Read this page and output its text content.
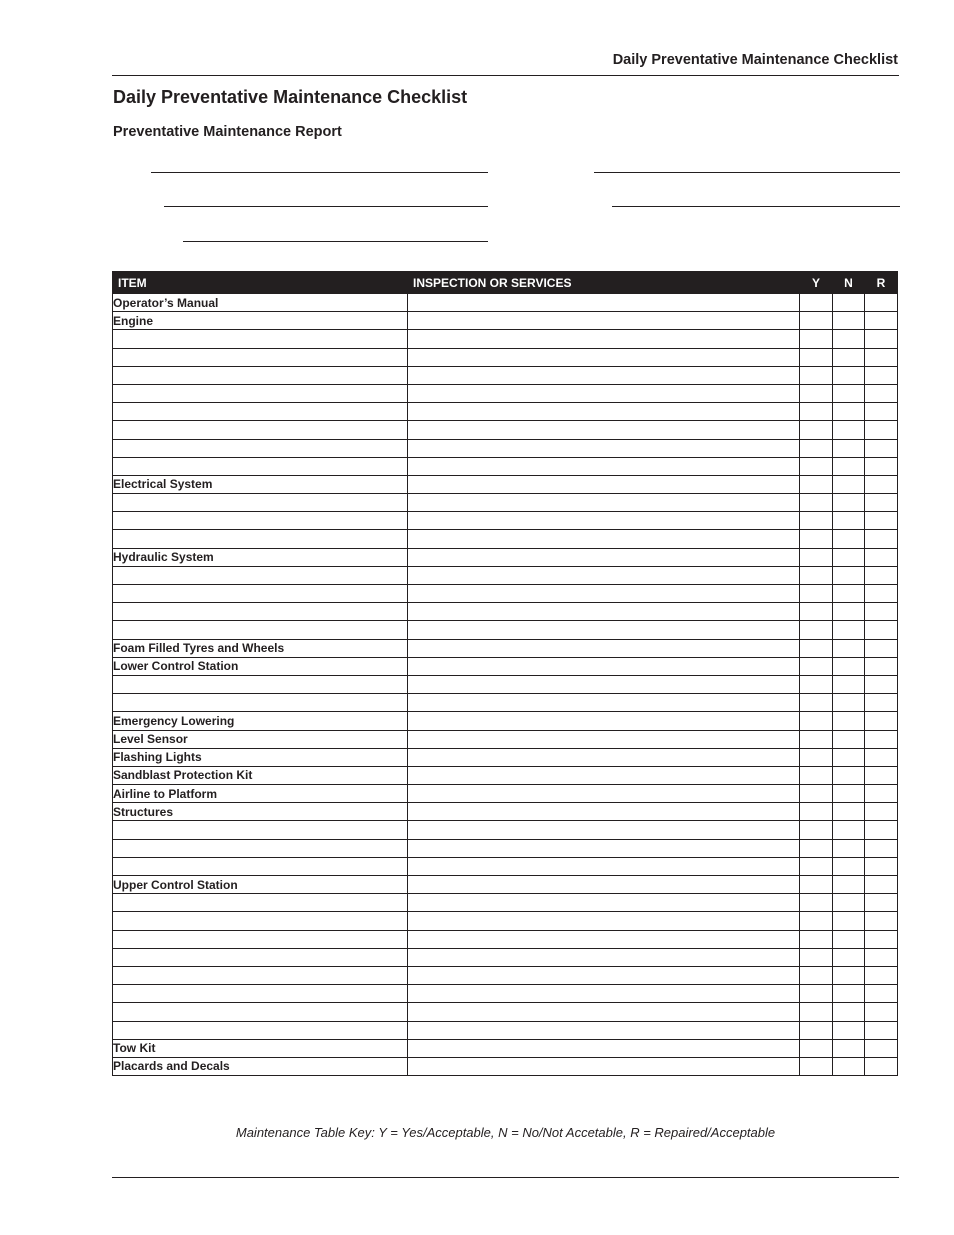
Daily Preventative Maintenance Checklist
Daily Preventative Maintenance Checklist
Preventative Maintenance Report
ITEM	INSPECTION OR SERVICES	Y	N	R
Operator’s Manual				
Engine				

Electrical System				

Hydraulic System				

Foam Filled Tyres and Wheels				
Lower Control Station				

Emergency Lowering				
Level Sensor				
Flashing Lights				
Sandblast Protection Kit				
Airline to Platform				
Structures				

Upper Control Station				

Tow Kit				
Placards and Decals				
Maintenance Table Key: Y = Yes/Acceptable, N = No/Not Accetable, R = Repaired/Acceptable
